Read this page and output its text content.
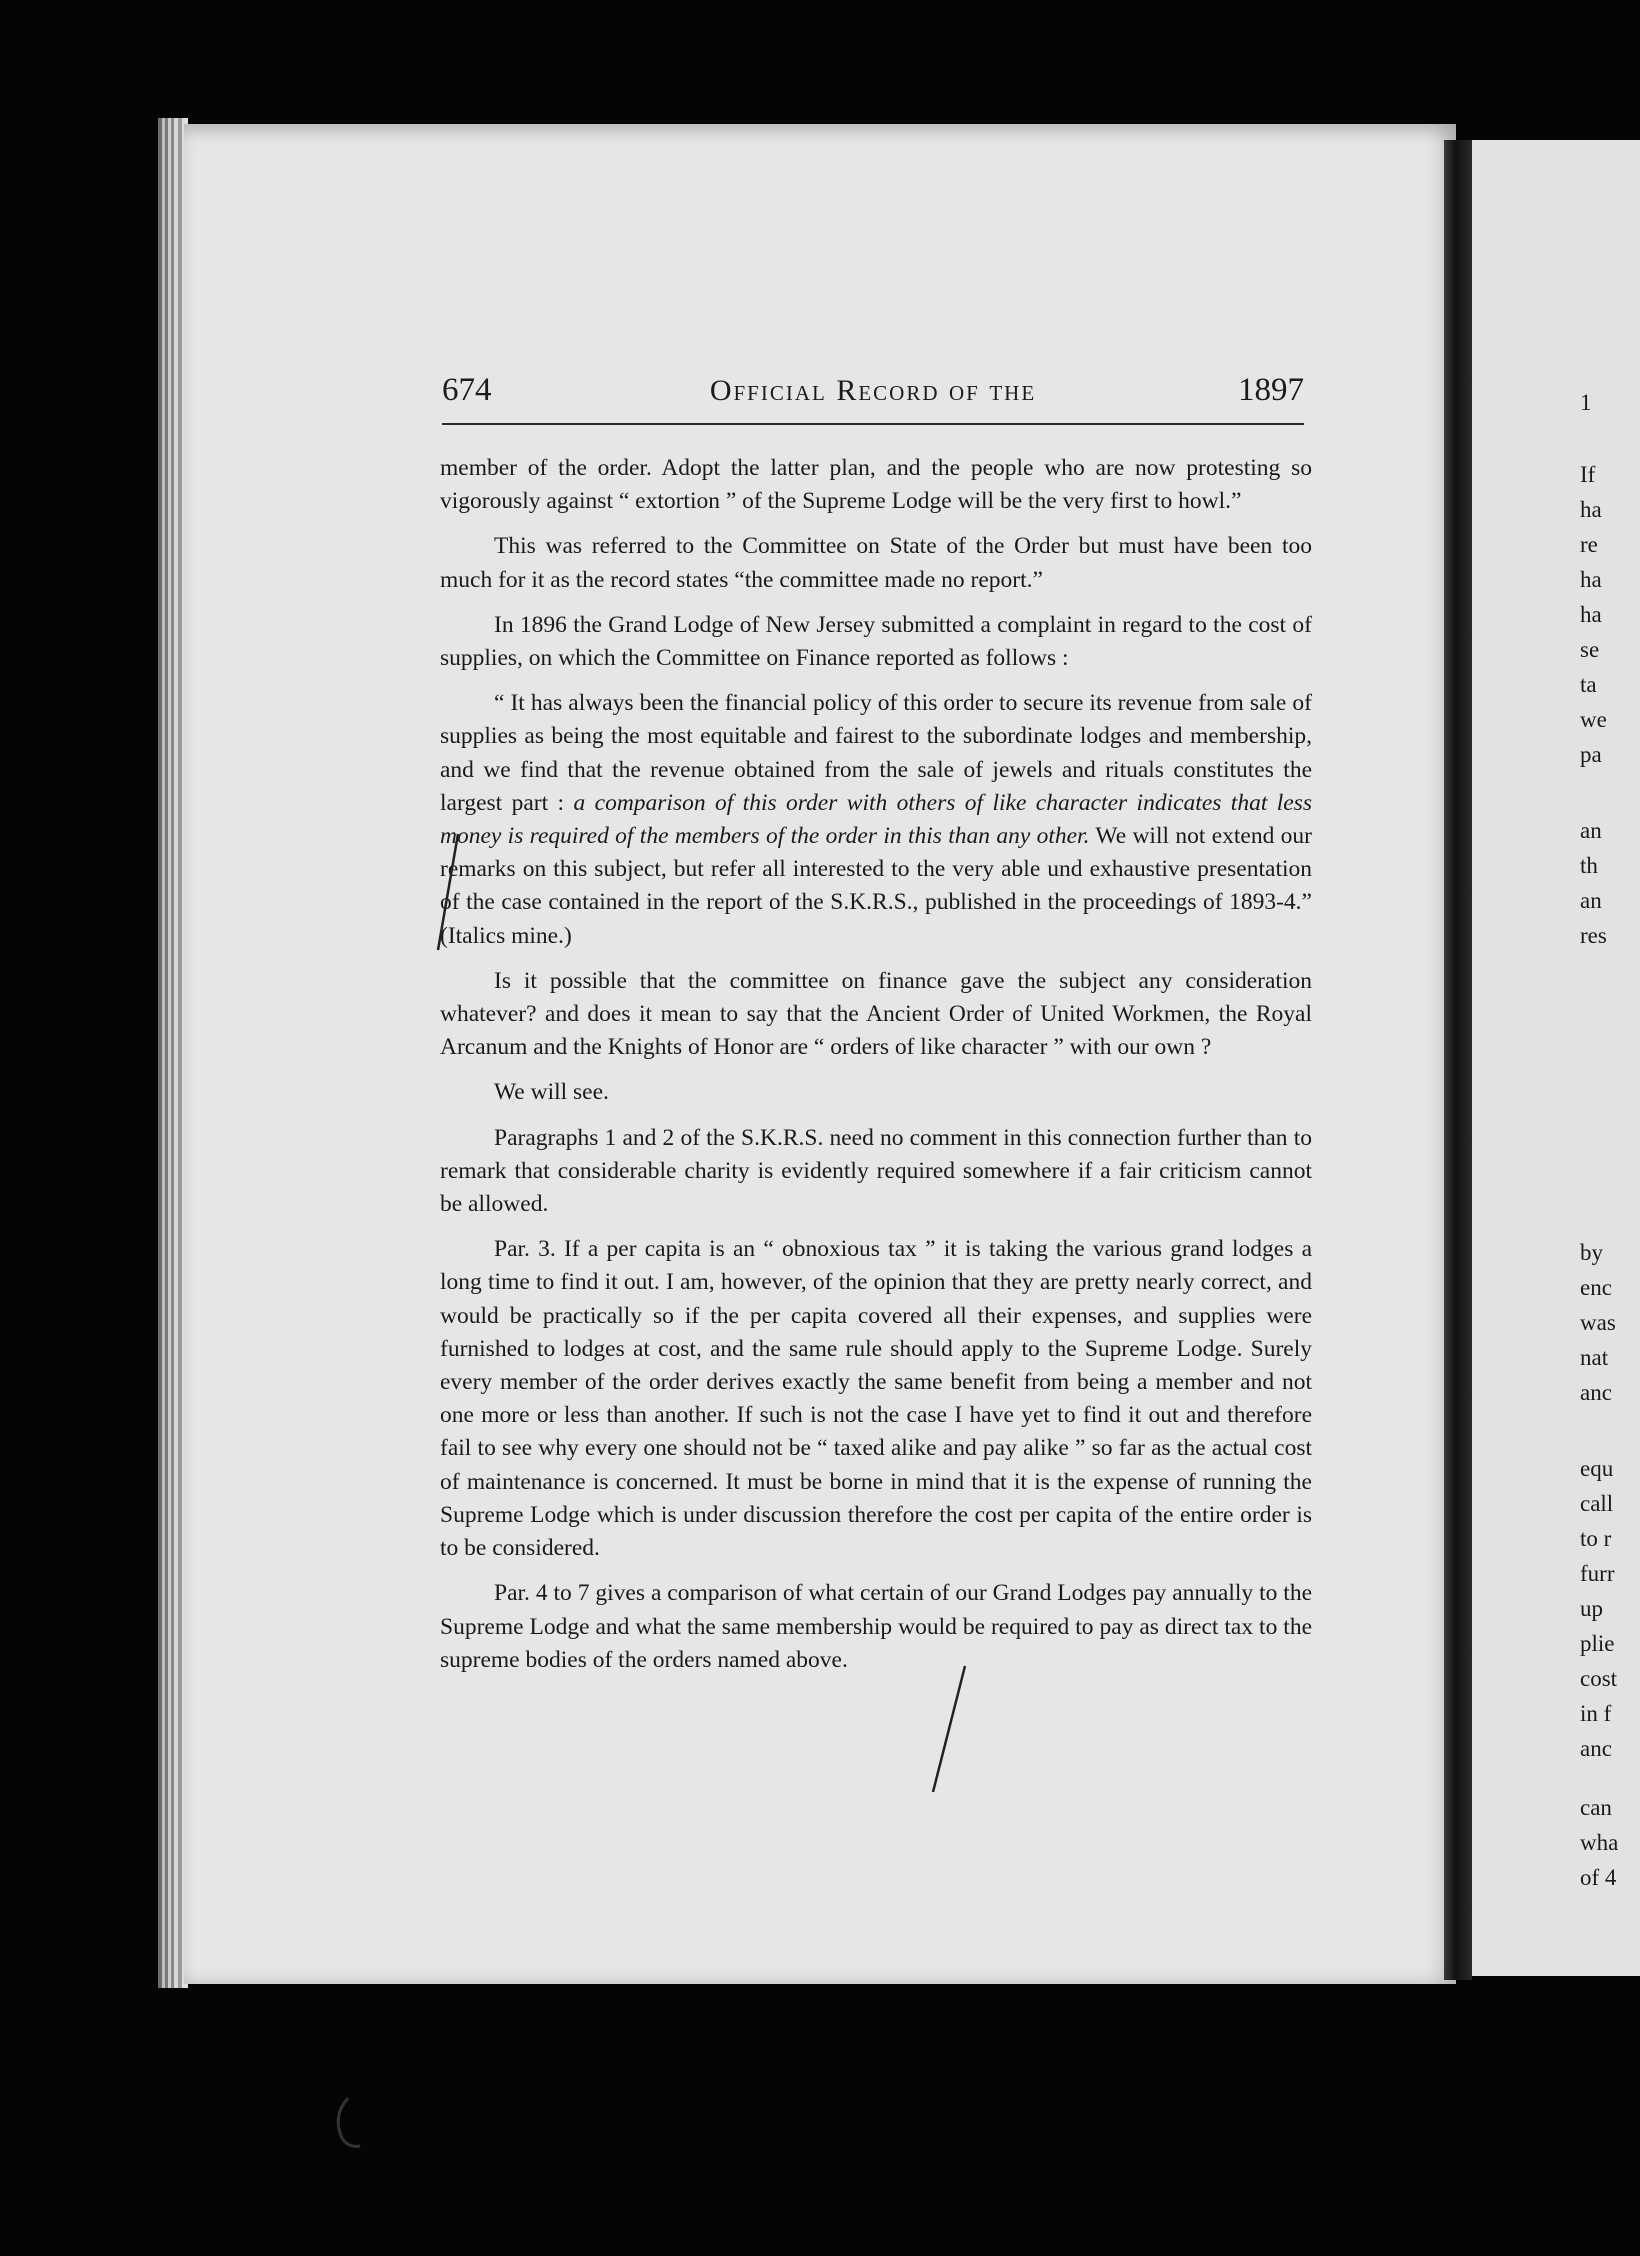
674	Official Record of the	1897

member of the order. Adopt the latter plan, and the people who are now protesting so vigorously against “ extortion ” of the Supreme Lodge will be the very first to howl.”

This was referred to the Committee on State of the Order but must have been too much for it as the record states “the committee made no report.”

In 1896 the Grand Lodge of New Jersey submitted a complaint in regard to the cost of supplies, on which the Committee on Finance reported as follows :

“ It has always been the financial policy of this order to secure its revenue from sale of supplies as being the most equitable and fairest to the subordinate lodges and membership, and we find that the revenue obtained from the sale of jewels and rituals constitutes the largest part : a comparison of this order with others of like character indicates that less money is required of the members of the order in this than any other. We will not extend our remarks on this subject, but refer all interested to the very able und exhaustive presentation of the case contained in the report of the S.K.R.S., published in the proceedings of 1893-4.” (Italics mine.)

Is it possible that the committee on finance gave the subject any consideration whatever? and does it mean to say that the Ancient Order of United Workmen, the Royal Arcanum and the Knights of Honor are “ orders of like character ” with our own ?

We will see.

Paragraphs 1 and 2 of the S.K.R.S. need no comment in this connection further than to remark that considerable charity is evidently required somewhere if a fair criticism cannot be allowed.

Par. 3. If a per capita is an “ obnoxious tax ” it is taking the various grand lodges a long time to find it out. I am, however, of the opinion that they are pretty nearly correct, and would be practically so if the per capita covered all their expenses, and supplies were furnished to lodges at cost, and the same rule should apply to the Supreme Lodge. Surely every member of the order derives exactly the same benefit from being a member and not one more or less than another. If such is not the case I have yet to find it out and therefore fail to see why every one should not be “ taxed alike and pay alike ” so far as the actual cost of maintenance is concerned. It must be borne in mind that it is the expense of running the Supreme Lodge which is under discussion therefore the cost per capita of the entire order is to be considered.

Par. 4 to 7 gives a comparison of what certain of our Grand Lodges pay annually to the Supreme Lodge and what the same membership would be required to pay as direct tax to the supreme bodies of the orders named above.

1
If
ha
re
ha
ha
se
ta
we
pa
an
th
an
res
by
enc
was
nat
anc
equ
call
to r
furr
up
plie
cost
in f
anc
can
wha
of 4
